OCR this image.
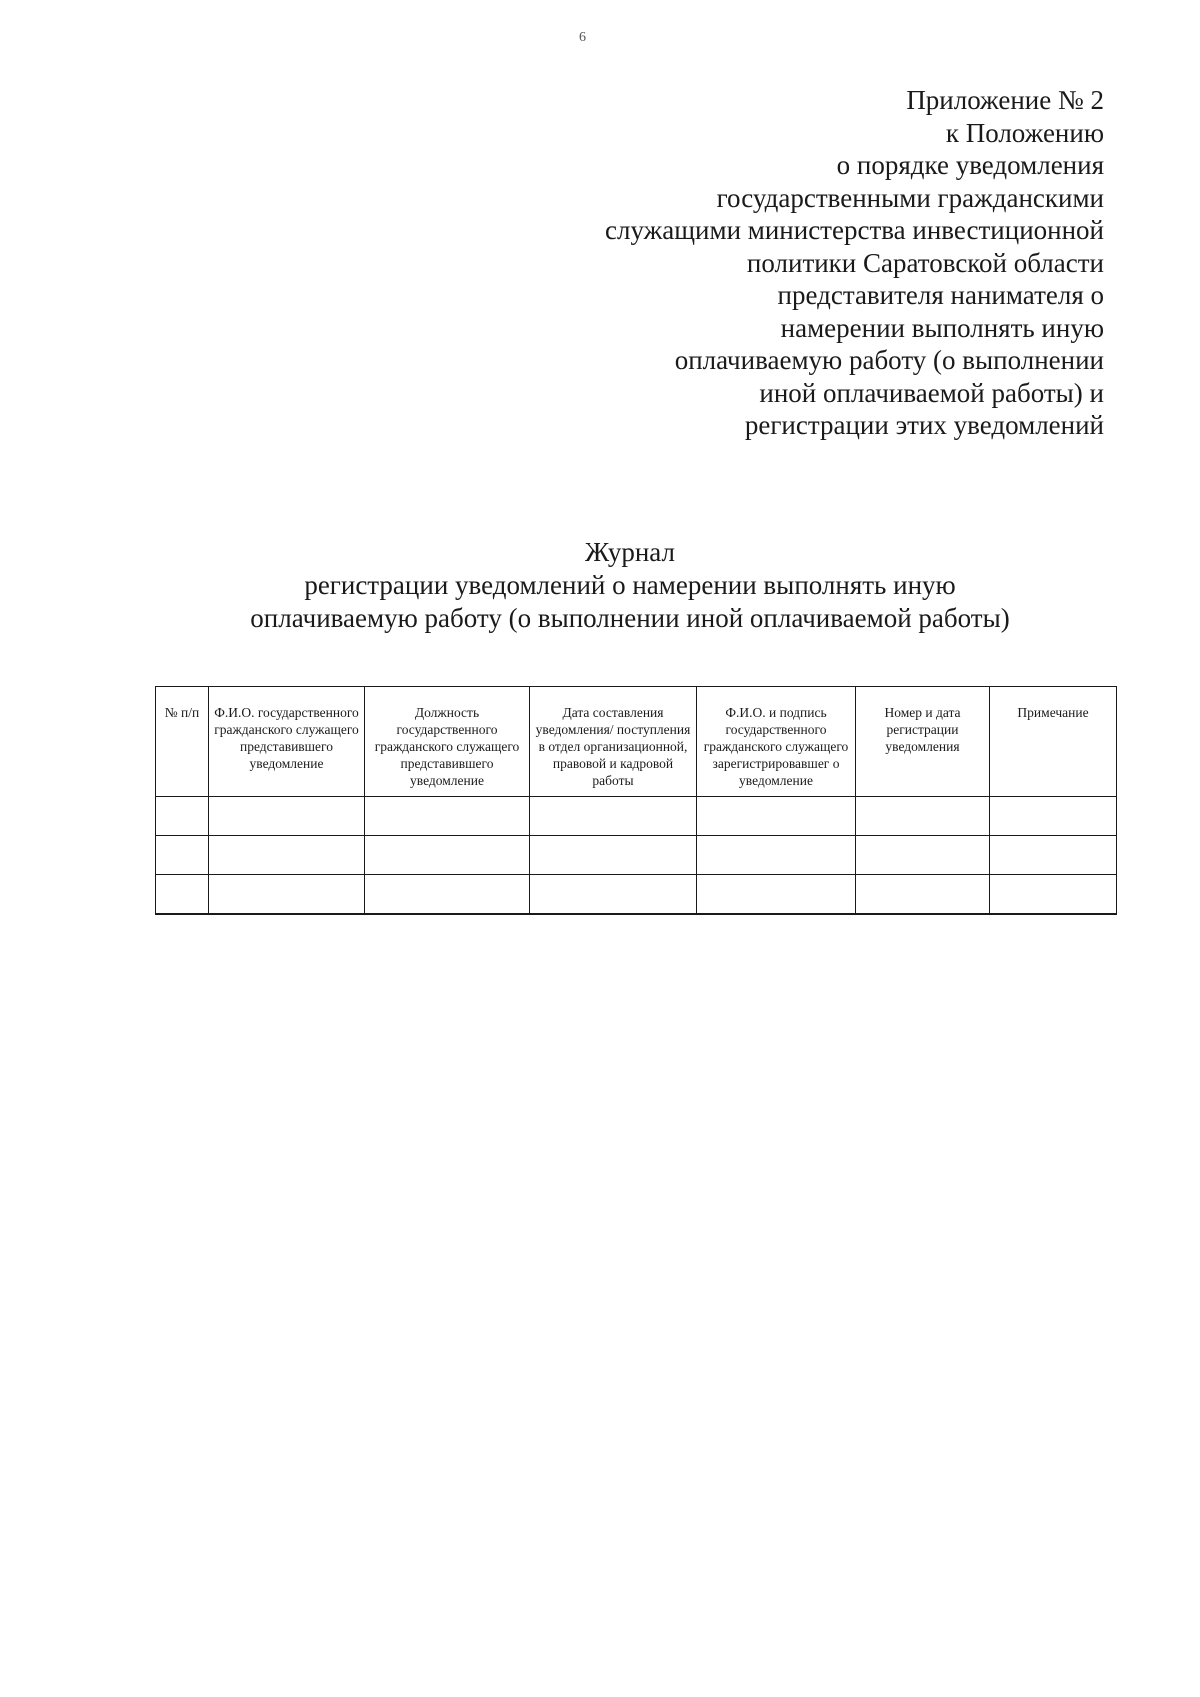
6
Приложение № 2
к Положению
о порядке уведомления
государственными гражданскими
служащими министерства инвестиционной
политики Саратовской области
представителя нанимателя о
намерении выполнять иную
оплачиваемую работу (о выполнении
иной оплачиваемой работы) и
регистрации этих уведомлений
Журнал
регистрации уведомлений о намерении выполнять иную
оплачиваемую работу (о выполнении иной оплачиваемой работы)
№ п/п	Ф.И.О. государственного гражданского служащего представившего уведомление	Должность государственного гражданского служащего представившего уведомление	Дата составления уведомления/ поступления в отдел организационной, правовой и кадровой работы	Ф.И.О. и подпись государственного гражданского служащего зарегистрировавшег о уведомление	Номер и дата регистрации уведомления	Примечание
